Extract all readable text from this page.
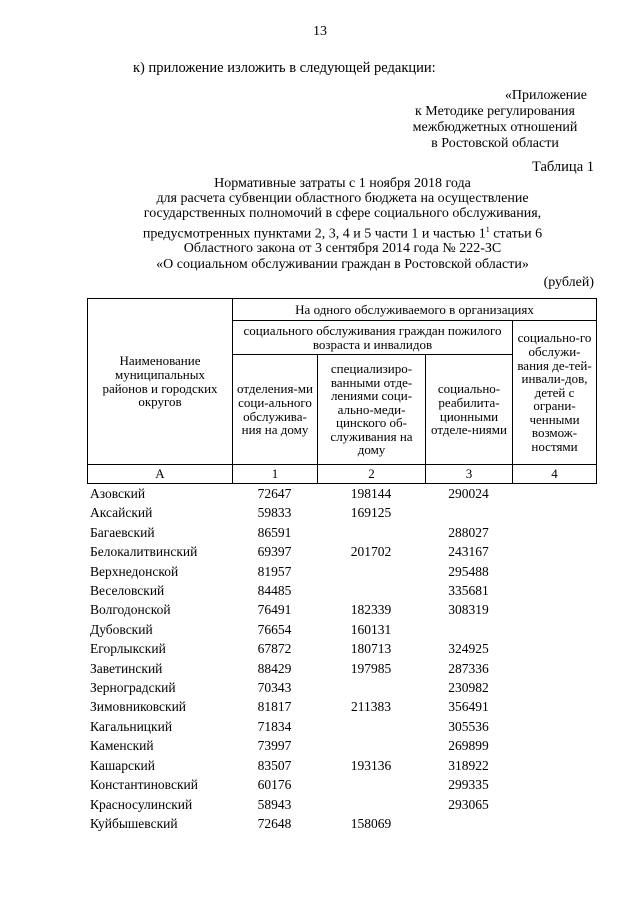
13
к) приложение изложить в следующей редакции:
«Приложение
к Методике регулирования
межбюджетных отношений
в Ростовской области
Таблица 1
Нормативные затраты с 1 ноября 2018 года
для расчета субвенции областного бюджета на осуществление
государственных полномочий в сфере социального обслуживания,
предусмотренных пунктами 2, 3, 4 и 5 части 1 и частью $1^1$ статьи 6
Областного закона от 3 сентября 2014 года № 222-ЗС
«О социальном обслуживании граждан в Ростовской области»
(рублей)
Наименование муниципальных районов и городских округов	На одного обслуживаемого в организациях			
	социального обслуживания граждан пожилого возраста и инвалидов			социально-го обслужи-вания де-тей-инвали-дов, детей с ограни-ченными возмож-ностями
	отделения-ми соци-ального обслужива-ния на дому	специализиро-ванными отде-лениями соци-ально-меди-цинского об-служивания на дому	социально-реабилита-ционными отделе-ниями	
А	1	2	3	4
Азовский	72647	198144	290024	
Аксайский	59833	169125		
Багаевский	86591		288027	
Белокалитвинский	69397	201702	243167	
Верхнедонской	81957		295488	
Веселовский	84485		335681	
Волгодонской	76491	182339	308319	
Дубовский	76654	160131		
Егорлыкский	67872	180713	324925	
Заветинский	88429	197985	287336	
Зерноградский	70343		230982	
Зимовниковский	81817	211383	356491	
Кагальницкий	71834		305536	
Каменский	73997		269899	
Кашарский	83507	193136	318922	
Константиновский	60176		299335	
Красносулинский	58943		293065	
Куйбышевский	72648	158069		
